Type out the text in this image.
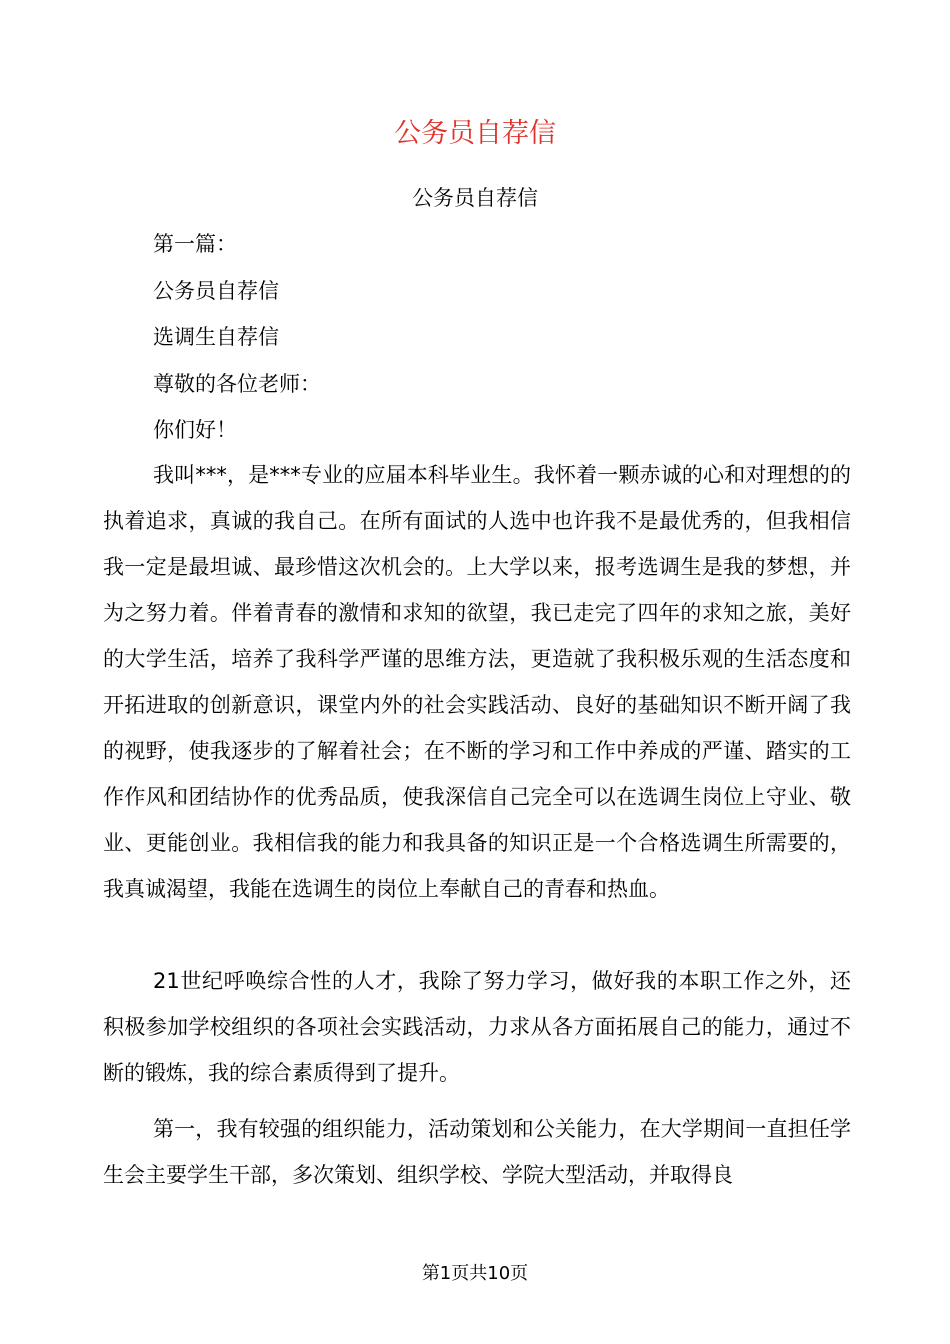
公务员自荐信
公务员自荐信
第一篇：
公务员自荐信
选调生自荐信
尊敬的各位老师：
你们好！

我叫***，是***专业的应届本科毕业生。我怀着一颗赤诚的心和对理想的的执着追求，真诚的我自己。在所有面试的人选中也许我不是最优秀的，但我相信我一定是最坦诚、最珍惜这次机会的。上大学以来，报考选调生是我的梦想，并为之努力着。伴着青春的激情和求知的欲望，我已走完了四年的求知之旅，美好的大学生活，培养了我科学严谨的思维方法，更造就了我积极乐观的生活态度和开拓进取的创新意识，课堂内外的社会实践活动、良好的基础知识不断开阔了我的视野，使我逐步的了解着社会；在不断的学习和工作中养成的严谨、踏实的工作作风和团结协作的优秀品质，使我深信自己完全可以在选调生岗位上守业、敬业、更能创业。我相信我的能力和我具备的知识正是一个合格选调生所需要的，我真诚渴望，我能在选调生的岗位上奉献自己的青春和热血。

21世纪呼唤综合性的人才，我除了努力学习，做好我的本职工作之外，还积极参加学校组织的各项社会实践活动，力求从各方面拓展自己的能力，通过不断的锻炼，我的综合素质得到了提升。

第一，我有较强的组织能力，活动策划和公关能力，在大学期间一直担任学生会主要学生干部，多次策划、组织学校、学院大型活动，并取得良

第1页共10页
